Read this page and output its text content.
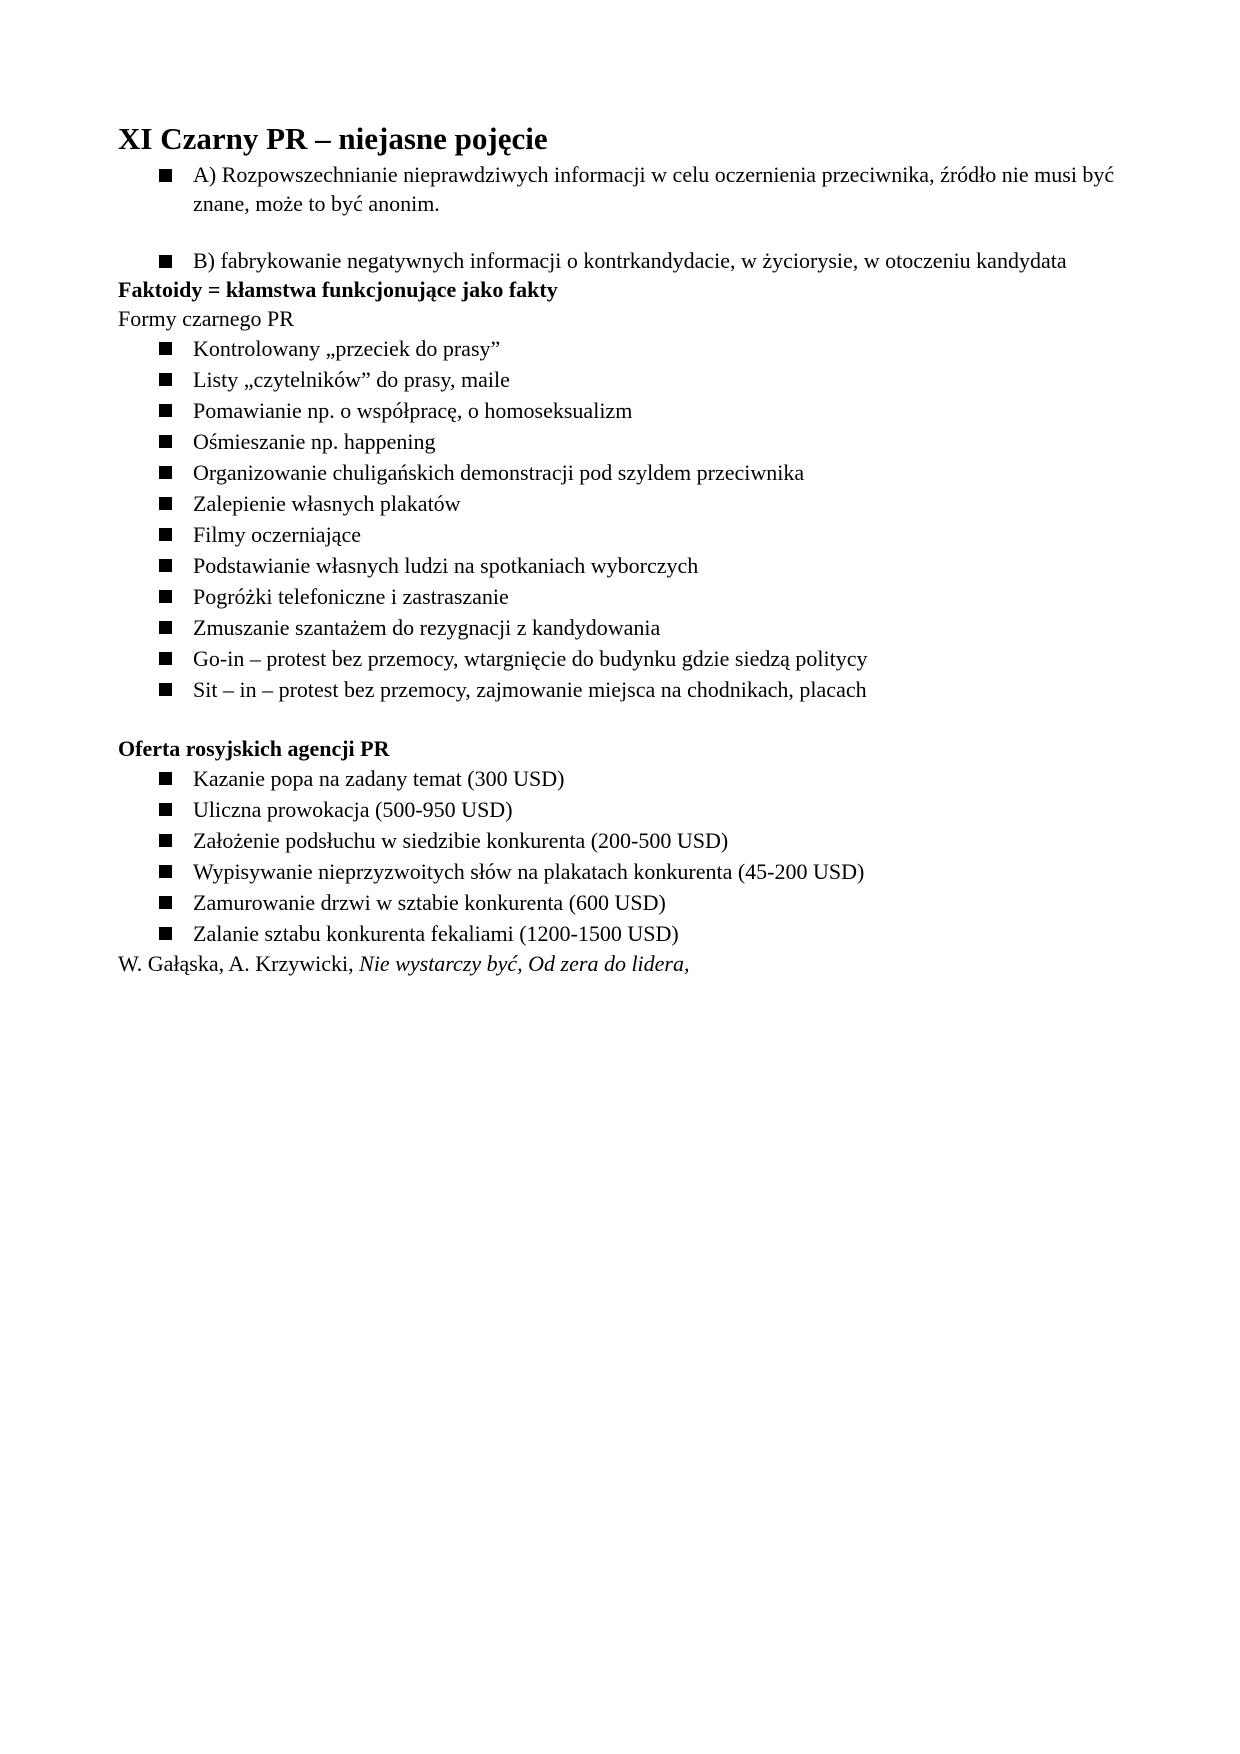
XI Czarny PR – niejasne pojęcie
A) Rozpowszechnianie nieprawdziwych informacji w celu oczernienia przeciwnika, źródło nie musi być znane, może to być anonim.
B) fabrykowanie negatywnych informacji o kontrkandydacie, w życiorysie, w otoczeniu kandydata
Faktoidy = kłamstwa funkcjonujące jako fakty
Formy czarnego PR
Kontrolowany „przeciek do prasy”
Listy „czytelników” do prasy, maile
Pomawianie np. o współpracę, o homoseksualizm
Ośmieszanie np. happening
Organizowanie chuligańskich demonstracji pod szyldem przeciwnika
Zalepienie własnych plakatów
Filmy oczerniające
Podstawianie własnych ludzi na spotkaniach wyborczych
Pogróżki telefoniczne i zastraszanie
Zmuszanie szantażem do rezygnacji z kandydowania
Go-in – protest bez przemocy, wtargnięcie do budynku gdzie siedzą politycy
Sit – in – protest bez przemocy, zajmowanie miejsca na chodnikach, placach
Oferta rosyjskich agencji PR
Kazanie popa na zadany temat (300 USD)
Uliczna prowokacja (500-950 USD)
Założenie podsłuchu w siedzibie konkurenta (200-500 USD)
Wypisywanie nieprzyzwoitych słów na plakatach konkurenta (45-200 USD)
Zamurowanie drzwi w sztabie konkurenta (600 USD)
Zalanie sztabu konkurenta fekaliami (1200-1500 USD)
W. Gałąska, A. Krzywicki, Nie wystarczy być, Od zera do lidera,
